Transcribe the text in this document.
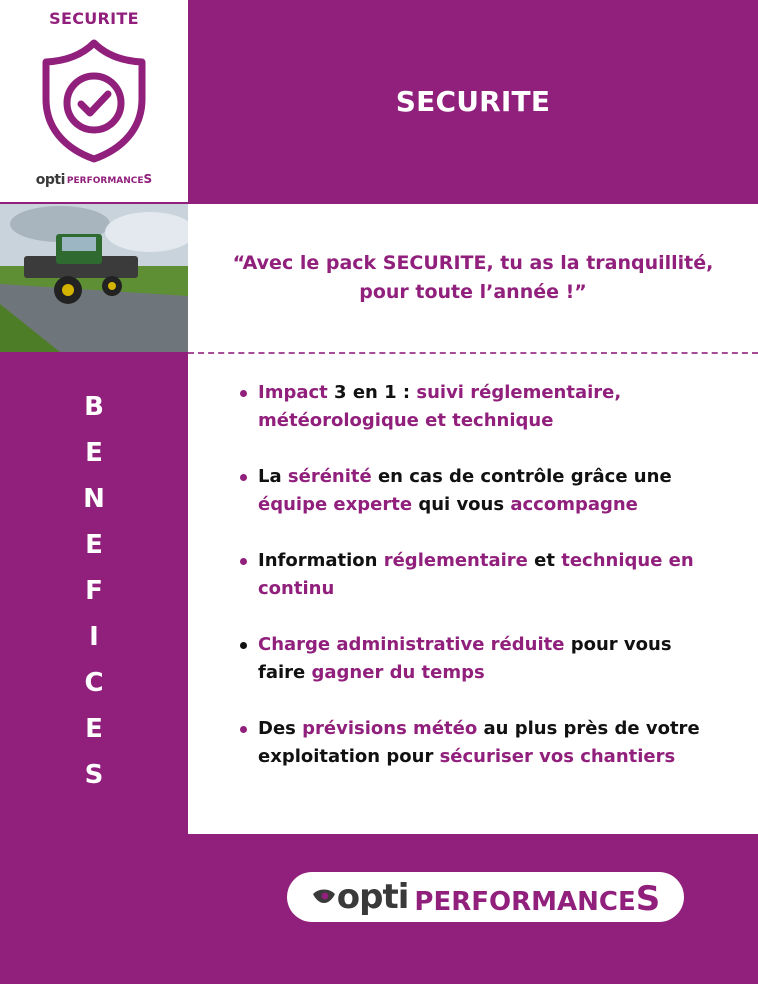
SECURITE
opti PERFORMANCES
SECURITE
“Avec le pack SECURITE, tu as la tranquillité, pour toute l’année !”
B
E
N
E
F
I
C
E
S
Impact 3 en 1 : suivi réglementaire, météorologique et technique
La sérénité en cas de contrôle grâce une équipe experte qui vous accompagne
Information réglementaire et technique en continu
Charge administrative réduite pour vous faire gagner du temps
Des prévisions météo au plus près de votre exploitation pour sécuriser vos chantiers
opti PERFORMANCES
